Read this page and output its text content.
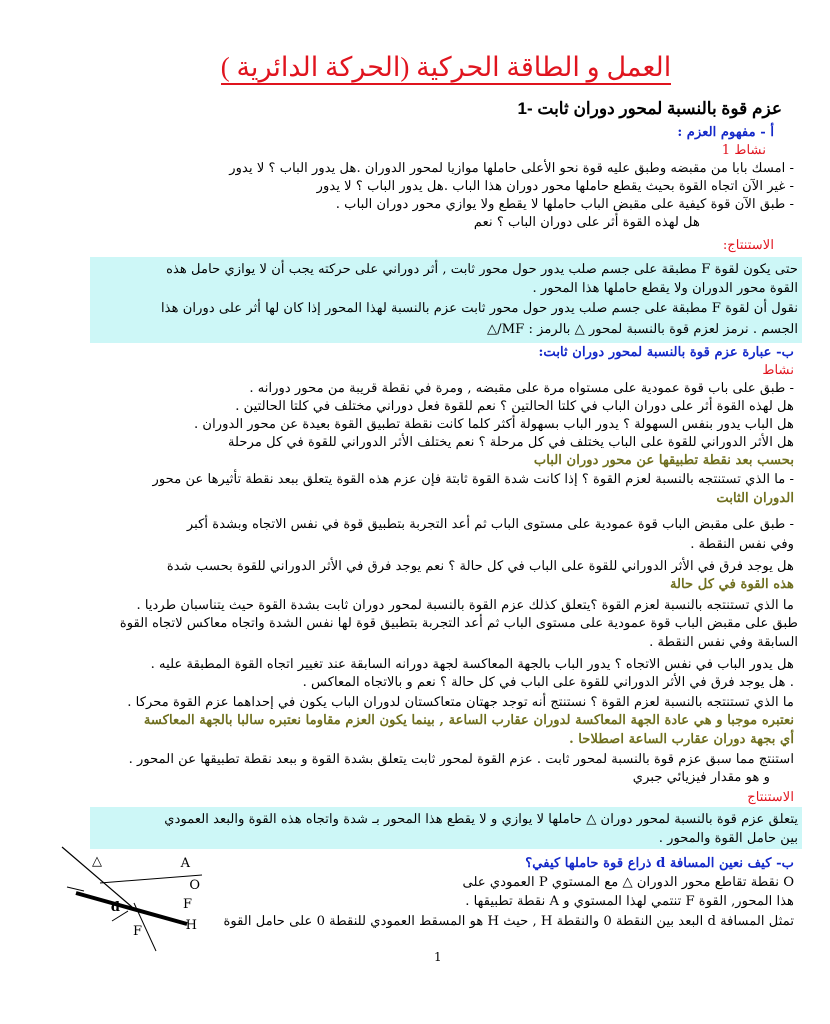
العمل و الطاقة الحركية (الحركة الدائرية )
عزم قوة بالنسبة لمحور دوران ثابت -1
أ - مفهوم العزم :
نشاط 1
- امسك بابا من مقبضه وطبق عليه قوة نحو الأعلى حاملها موازيا لمحور الدوران .هل يدور الباب ؟ لا يدور
- غير الآن اتجاه القوة بحيث يقطع حاملها محور دوران هذا الباب .هل يدور الباب ؟ لا يدور
- طبق الآن قوة كيفية على مقبض الباب حاملها لا يقطع ولا يوازي محور دوران الباب .
هل لهذه القوة أثر على دوران الباب ؟ نعم
الاستنتاج:
حتى يكون لقوة F مطبقة على جسم صلب يدور حول محور ثابت , أثر دوراني على حركته يجب أن لا يوازي حامل هذه
القوة محور الدوران ولا يقطع حاملها هذا المحور .
نقول أن لقوة F مطبقة على جسم صلب يدور حول محور ثابت عزم بالنسبة لهذا المحور إذا كان لها أثر على دوران هذا
الجسم . نرمز لعزم قوة بالنسبة لمحور △ بالرمز : MF/△
ب- عبارة عزم قوة بالنسبة لمحور دوران ثابت:
نشاط
- طبق على باب قوة عمودية على مستواه مرة على مقبضه , ومرة في نقطة قريبة من محور دورانه .
هل لهذه القوة أثر على دوران الباب في كلتا الحالتين ؟ نعم للقوة فعل دوراني مختلف في كلتا الحالتين .
هل الباب يدور بنفس السهولة ؟ يدور الباب بسهولة أكثر كلما كانت نقطة تطبيق القوة بعيدة عن محور الدوران .
هل الأثر الدوراني للقوة على الباب يختلف في كل مرحلة ؟ نعم يختلف الأثر الدوراني للقوة في كل مرحلة
بحسب بعد نقطة تطبيقها عن محور دوران الباب
- ما الذي تستنتجه بالنسبة لعزم القوة ؟ إذا كانت شدة القوة ثابتة فإن عزم هذه القوة يتعلق ببعد نقطة تأثيرها عن محور
الدوران الثابت
- طبق على مقبض الباب قوة عمودية على مستوى الباب ثم أعد التجربة بتطبيق قوة في نفس الاتجاه وبشدة أكبر
وفي نفس النقطة .
هل يوجد فرق في الأثر الدوراني للقوة على الباب في كل حالة ؟ نعم يوجد فرق في الأثر الدوراني للقوة بحسب شدة
هذه القوة في كل حالة
ما الذي تستنتجه بالنسبة لعزم القوة ؟يتعلق كذلك عزم القوة بالنسبة لمحور دوران ثابت بشدة القوة حيث يتناسبان طرديا .
طبق على مقبض الباب قوة عمودية على مستوى الباب ثم أعد التجربة بتطبيق قوة لها نفس الشدة واتجاه معاكس لاتجاه القوة
السابقة وفي نفس النقطة .
هل يدور الباب في نفس الاتجاه ؟ يدور الباب بالجهة المعاكسة لجهة دورانه السابقة عند تغيير اتجاه القوة المطبقة عليه .
. هل يوجد فرق في الأثر الدوراني للقوة على الباب في كل حالة ؟ نعم و بالاتجاه المعاكس .
ما الذي تستنتجه بالنسبة لعزم القوة ؟ نستنتج أنه توجد جهتان متعاكستان لدوران الباب يكون في إحداهما عزم القوة محركا .
نعتبره موجبا و هي عادة الجهة المعاكسة لدوران عقارب الساعة , بينما يكون العزم مقاوما نعتبره سالبا بالجهة المعاكسة
أي بجهة دوران عقارب الساعة اصطلاحا .
استنتج مما سبق عزم قوة بالنسبة لمحور ثابت . عزم القوة لمحور ثابت يتعلق بشدة القوة و ببعد نقطة تطبيقها عن المحور .
و هو مقدار فيزيائي جبري
الاستنتاج
يتعلق عزم قوة بالنسبة لمحور دوران △ حاملها لا يوازي و لا يقطع هذا المحور بـ شدة واتجاه هذه القوة والبعد العمودي
بين حامل القوة والمحور .
ب- كيف نعين المسافة d ذراع قوة حاملها كيفي؟
O نقطة تقاطع محور الدوران △ مع المستوي P العمودي على
هذا المحور, القوة F تنتمي لهذا المستوي و A نقطة تطبيقها .
تمثل المسافة d البعد بين النقطة 0 والنقطة H , حيث H هو المسقط العمودي للنقطة 0 على حامل القوة
△	A
O
d	F
F	H
1
